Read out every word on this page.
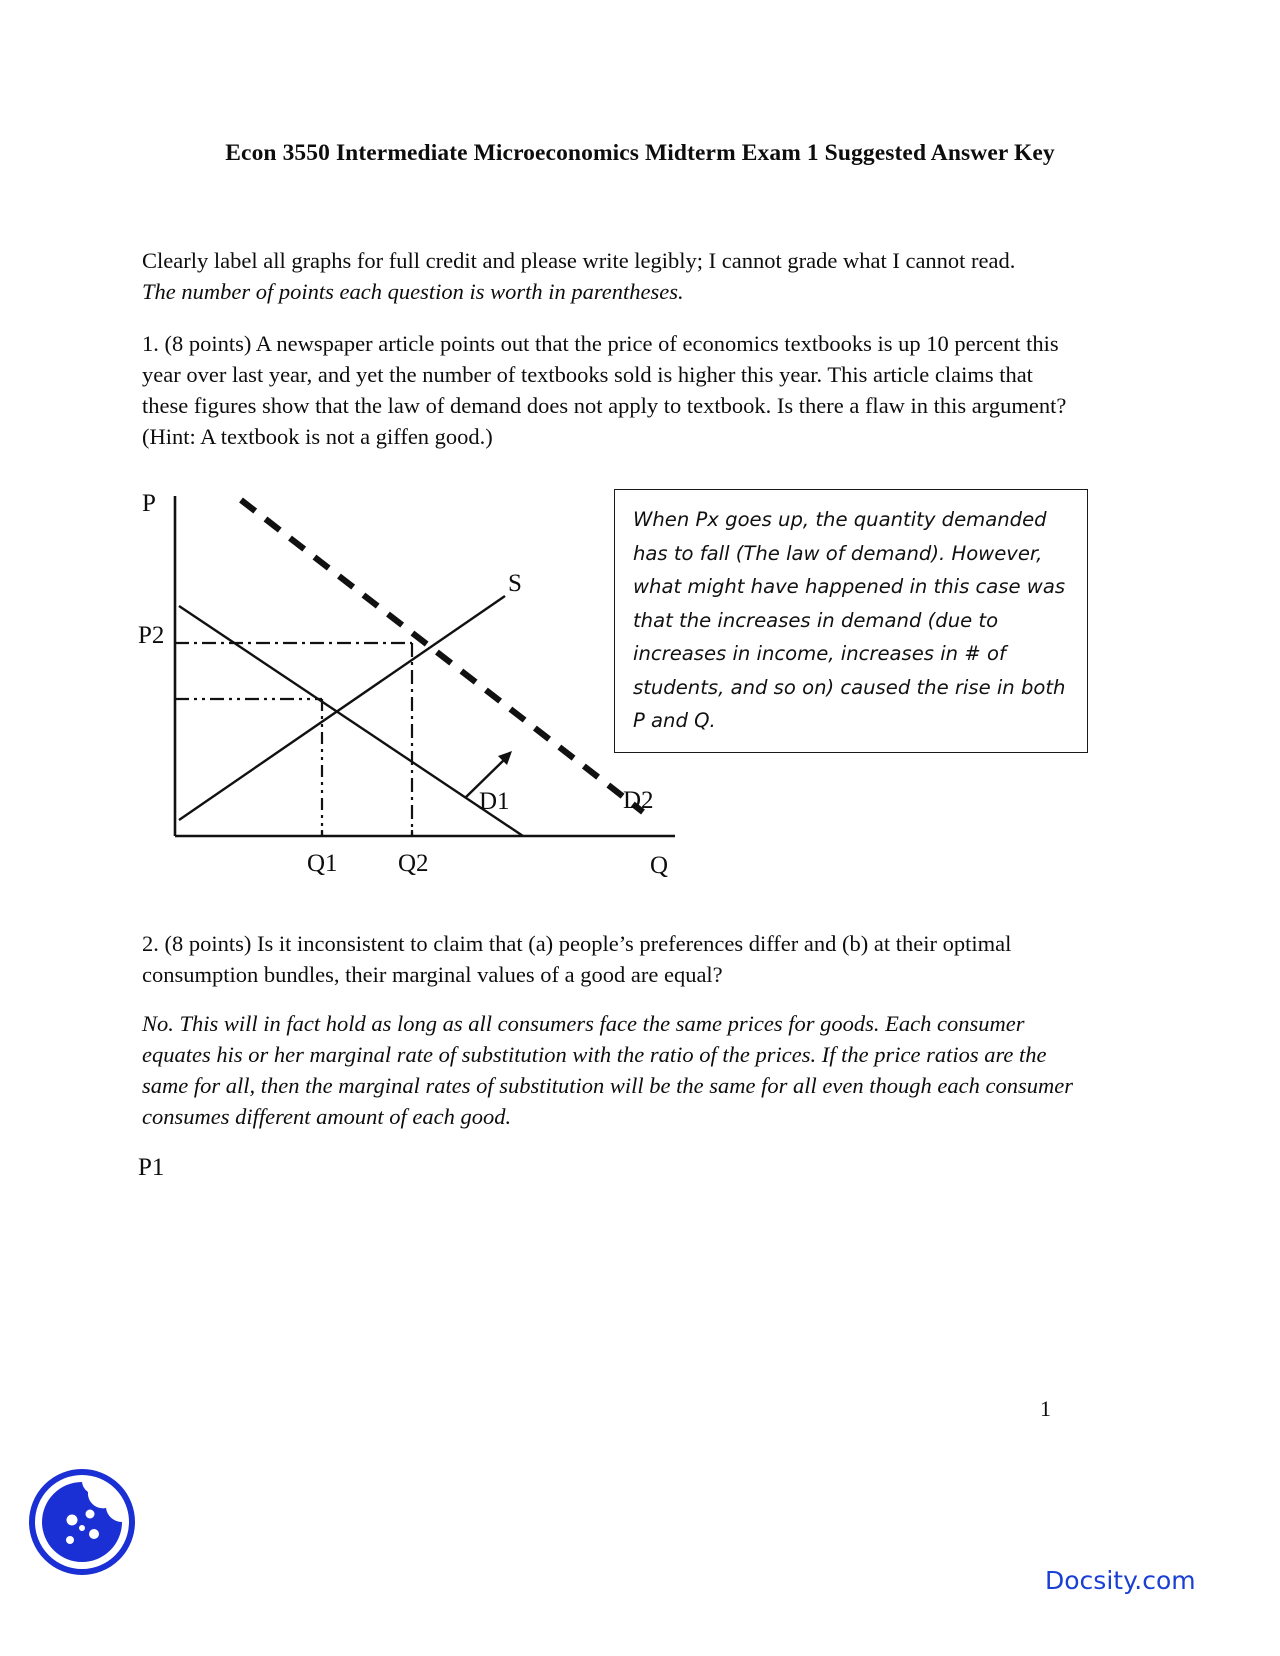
Econ 3550 Intermediate Microeconomics Midterm Exam 1 Suggested Answer Key
Clearly label all graphs for full credit and please write legibly; I cannot grade what I cannot read.
The number of points each question is worth in parentheses.
1. (8 points) A newspaper article points out that the price of economics textbooks is up 10 percent this year over last year, and yet the number of textbooks sold is higher this year. This article claims that these figures show that the law of demand does not apply to textbook. Is there a flaw in this argument? (Hint: A textbook is not a giffen good.)
P
P2
P1
S
D1	D2
Q1 Q2	Q
When Px goes up, the quantity demanded has to fall (The law of demand). However, what might have happened in this case was that the increases in demand (due to increases in income, increases in # of students, and so on) caused the rise in both P and Q.
2. (8 points) Is it inconsistent to claim that (a) people’s preferences differ and (b) at their optimal consumption bundles, their marginal values of a good are equal?
No. This will in fact hold as long as all consumers face the same prices for goods. Each consumer equates his or her marginal rate of substitution with the ratio of the prices. If the price ratios are the same for all, then the marginal rates of substitution will be the same for all even though each consumer consumes different amount of each good.
1
Docsity.com
